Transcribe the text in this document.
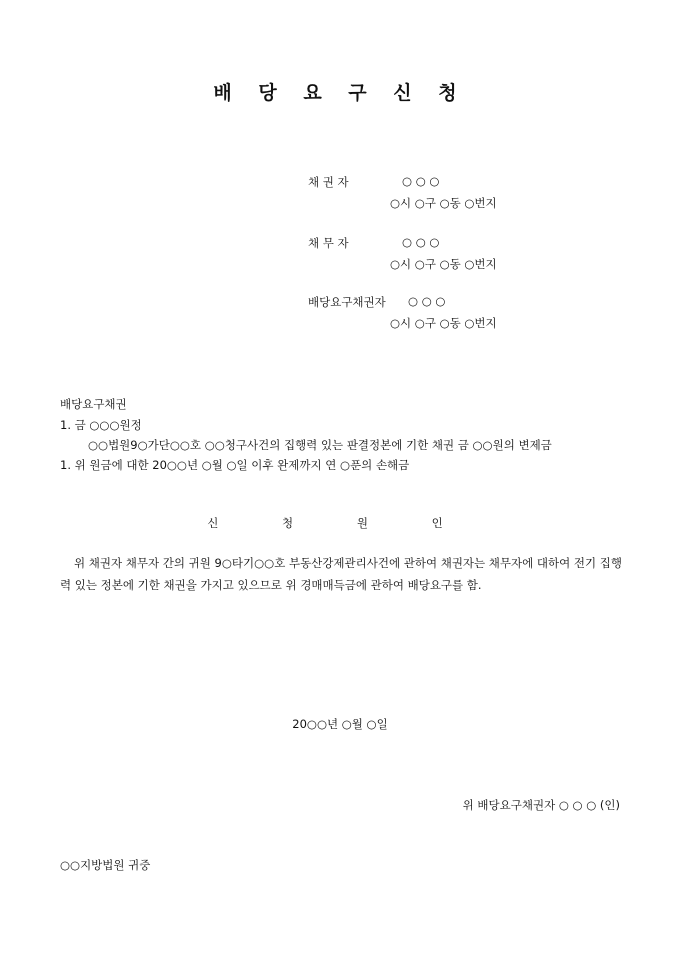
배 당 요 구 신 청
채 권 자	○ ○ ○
○시 ○구 ○동 ○번지
채 무 자	○ ○ ○
○시 ○구 ○동 ○번지
배당요구채권자 ○ ○ ○
○시 ○구 ○동 ○번지
배당요구채권
1. 금 ○○○원정
○○법원9○가단○○호 ○○청구사건의 집행력 있는 판결정본에 기한 채권 금 ○○원의 변제금
1. 위 원금에 대한 20○○년 ○월 ○일 이후 완제까지 연 ○푼의 손해금
신 청 원 인
위 채권자 채무자 간의 귀원 9○타기○○호 부동산강제관리사건에 관하여 채권자는 채무자에 대하여 전기 집행력 있는 정본에 기한 채권을 가지고 있으므로 위 경매매득금에 관하여 배당요구를 함.
20○○년 ○월 ○일
위 배당요구채권자 ○ ○ ○ (인)
○○지방법원 귀중
